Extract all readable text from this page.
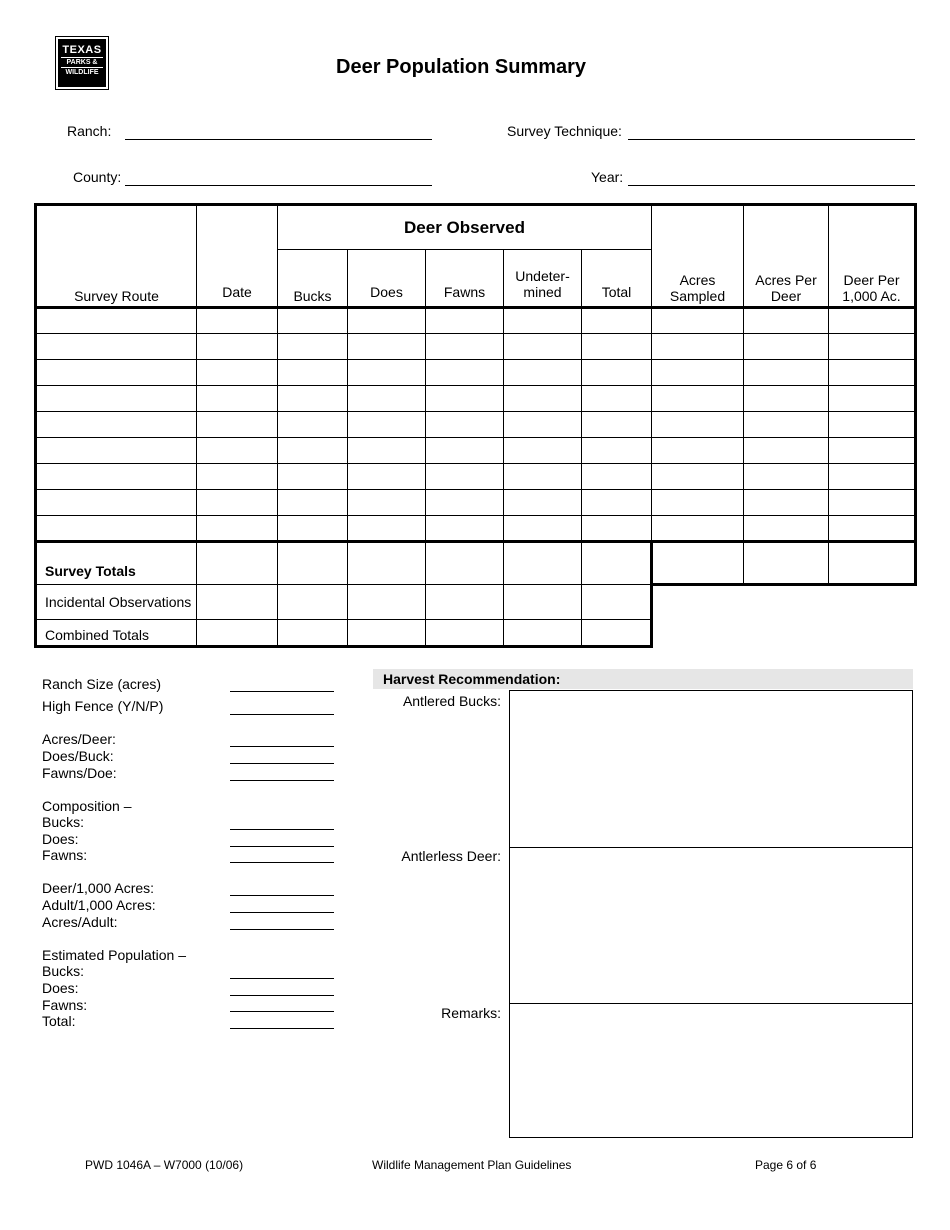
TEXAS
PARKS &
WILDLIFE	Deer Population Summary
Ranch:	Survey Technique:
County:	Year:
Survey Route	Date	Deer Observed					Acres Sampled	Acres Per Deer	Deer Per 1,000 Ac.
		Bucks	Does	Fawns	Undeter-mined	Total			

Survey Totals									
Incidental Observations									
Combined Totals									
Ranch Size (acres)
High Fence (Y/N/P)
Acres/Deer:
Does/Buck:
Fawns/Doe:
Composition –
Bucks:
Does:
Fawns:
Deer/1,000 Acres:
Adult/1,000 Acres:
Acres/Adult:
Estimated Population –
Bucks:
Does:
Fawns:
Total:
Harvest Recommendation:
Antlered Bucks:
Antlerless Deer:
Remarks:
PWD 1046A – W7000 (10/06)	Wildlife Management Plan Guidelines	Page 6 of 6
